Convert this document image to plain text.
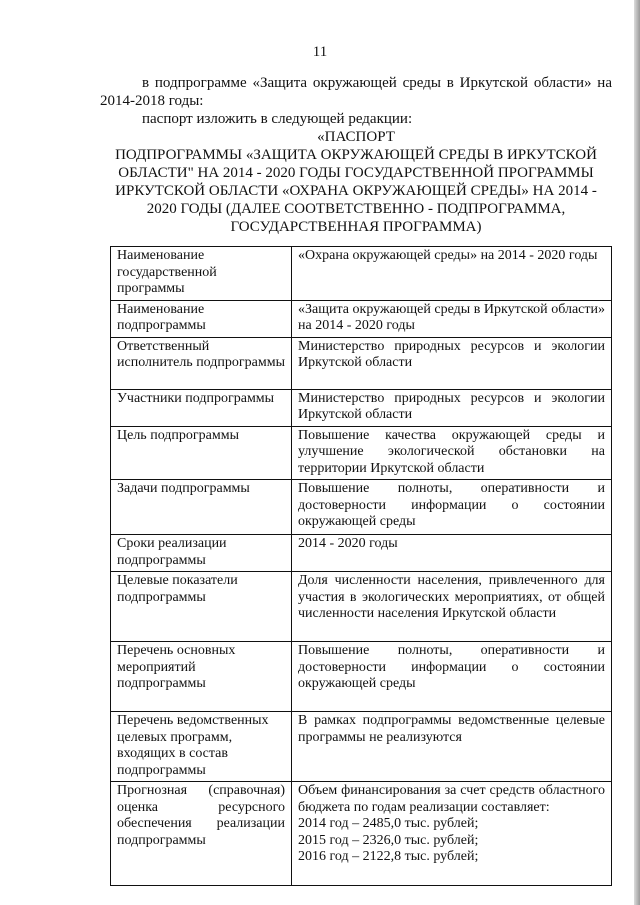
11

в подпрограмме «Защита окружающей среды в Иркутской области» на 2014-2018 годы:

паспорт изложить в следующей редакции:

«ПАСПОРТ

ПОДПРОГРАММЫ «ЗАЩИТА ОКРУЖАЮЩЕЙ СРЕДЫ В ИРКУТСКОЙ ОБЛАСТИ" НА 2014 - 2020 ГОДЫ ГОСУДАРСТВЕННОЙ ПРОГРАММЫ ИРКУТСКОЙ ОБЛАСТИ «ОХРАНА ОКРУЖАЮЩЕЙ СРЕДЫ» НА 2014 - 2020 ГОДЫ (ДАЛЕЕ СООТВЕТСТВЕННО - ПОДПРОГРАММА, ГОСУДАРСТВЕННАЯ ПРОГРАММА)

Наименование государственной программы	«Охрана окружающей среды» на 2014 - 2020 годы
Наименование подпрограммы	«Защита окружающей среды в Иркутской области» на 2014 - 2020 годы
Ответственный исполнитель подпрограммы	Министерство природных ресурсов и экологии Иркутской области
Участники подпрограммы	Министерство природных ресурсов и экологии Иркутской области
Цель подпрограммы	Повышение качества окружающей среды и улучшение экологической обстановки на территории Иркутской области
Задачи подпрограммы	Повышение полноты, оперативности и достоверности информации о состоянии окружающей среды
Сроки реализации подпрограммы	2014 - 2020 годы
Целевые показатели подпрограммы	Доля численности населения, привлеченного для участия в экологических мероприятиях, от общей численности населения Иркутской области
Перечень основных мероприятий подпрограммы	Повышение полноты, оперативности и достоверности информации о состоянии окружающей среды
Перечень ведомственных целевых программ, входящих в состав подпрограммы	В рамках подпрограммы ведомственные целевые программы не реализуются
Прогнозная (справочная) оценка ресурсного обеспечения реализации подпрограммы	Объем финансирования за счет средств областного бюджета по годам реализации составляет:
2014 год – 2485,0 тыс. рублей;
2015 год – 2326,0 тыс. рублей;
2016 год – 2122,8 тыс. рублей;
